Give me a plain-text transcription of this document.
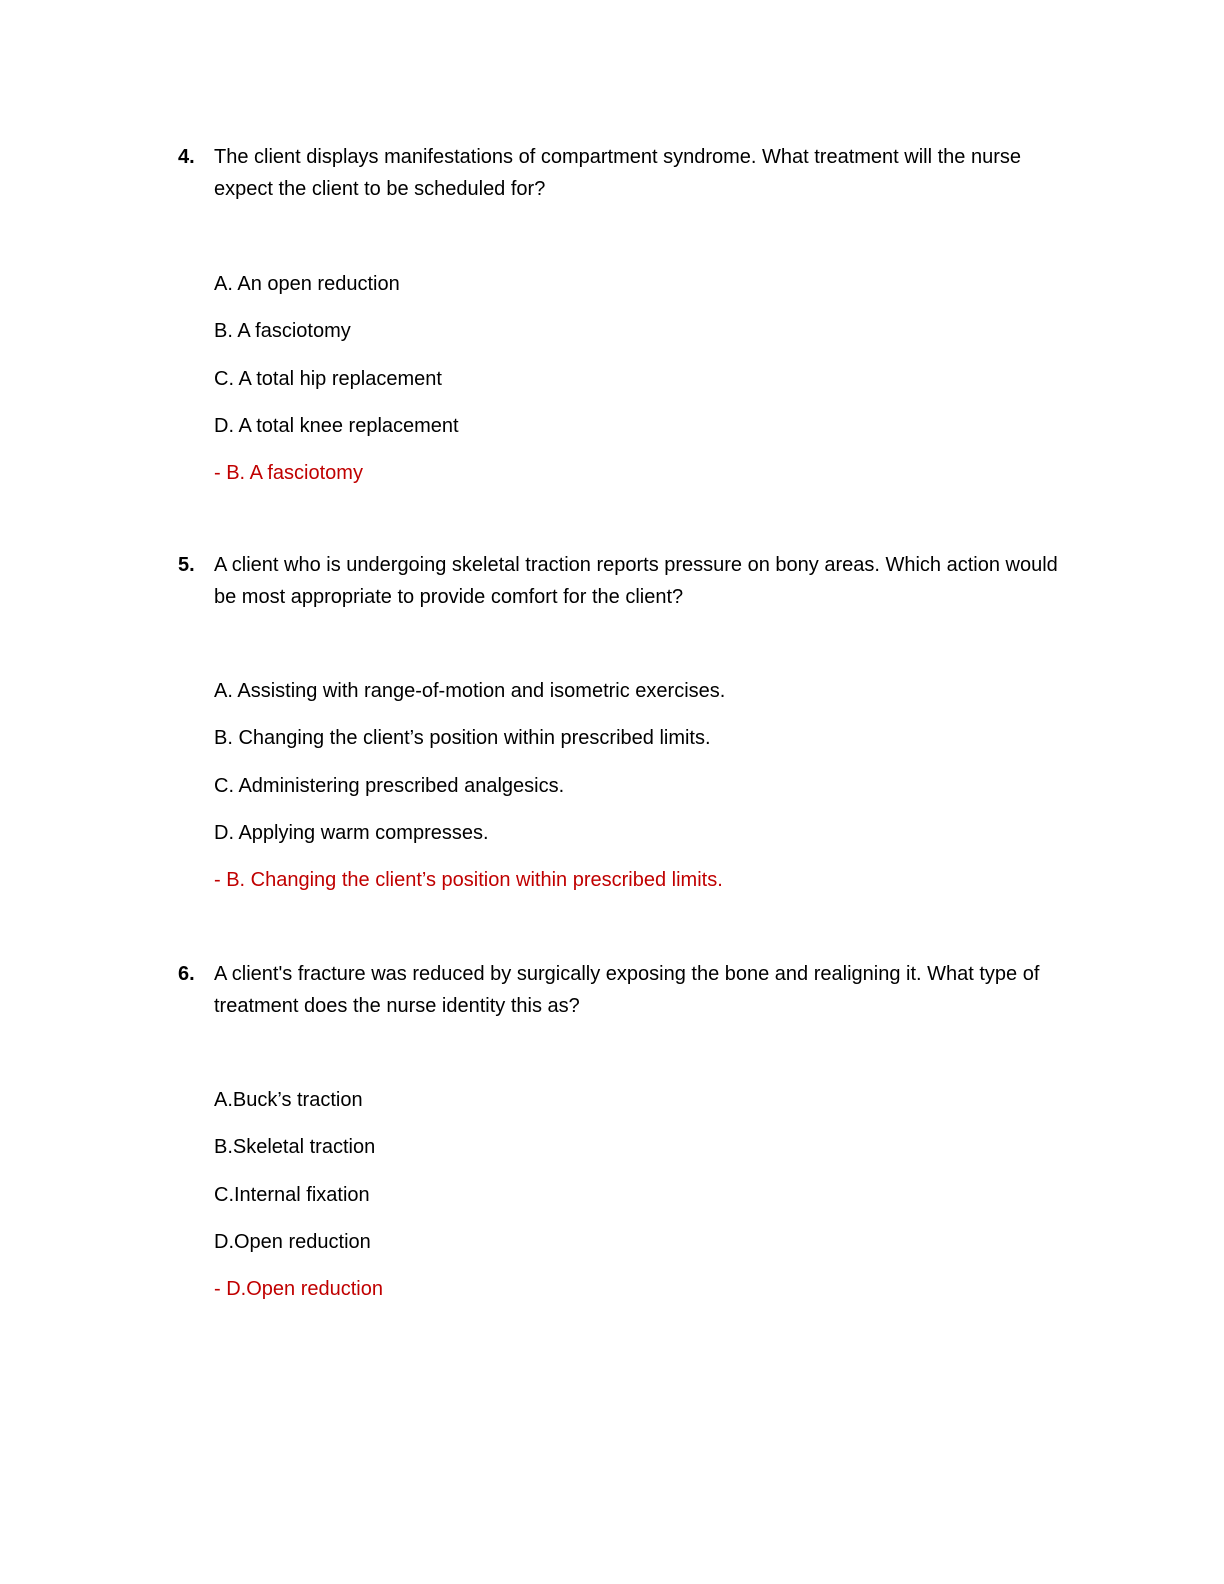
4. The client displays manifestations of compartment syndrome. What treatment will the nurse expect the client to be scheduled for?
A. An open reduction
B. A fasciotomy
C. A total hip replacement
D. A total knee replacement
- B. A fasciotomy
5. A client who is undergoing skeletal traction reports pressure on bony areas. Which action would be most appropriate to provide comfort for the client?
A. Assisting with range-of-motion and isometric exercises.
B. Changing the client’s position within prescribed limits.
C. Administering prescribed analgesics.
D. Applying warm compresses.
- B. Changing the client’s position within prescribed limits.
6. A client's fracture was reduced by surgically exposing the bone and realigning it. What type of treatment does the nurse identity this as?
A.Buck’s traction
B.Skeletal traction
C.Internal fixation
D.Open reduction
- D.Open reduction
